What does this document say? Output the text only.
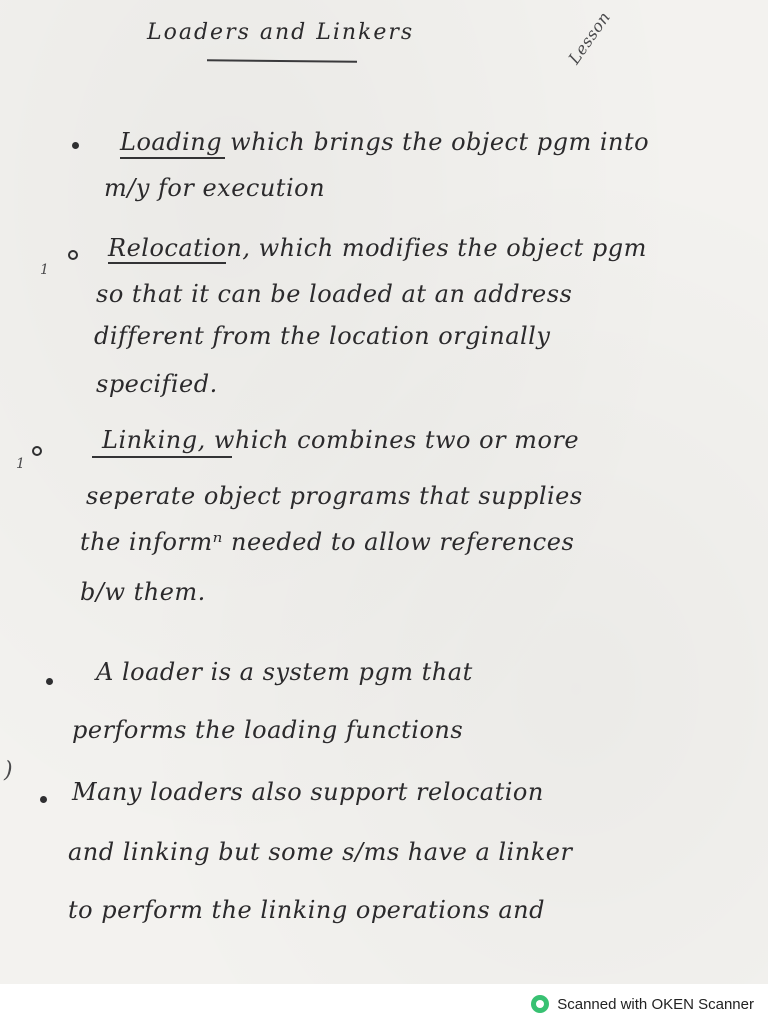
Loaders and Linkers	Lesson
Loading which brings the object pgm into
m/y for execution
1
Relocation, which modifies the object pgm
so that it can be loaded at an address
different from the location orginally
specified.
1
Linking, which combines two or more
seperate object programs that supplies
the informⁿ needed to allow references
b/w them.
A loader is a system pgm that
performs the loading functions
)
Many loaders also support relocation
and linking but some s/ms have a linker
to perform the linking operations and
Scanned with OKEN Scanner
